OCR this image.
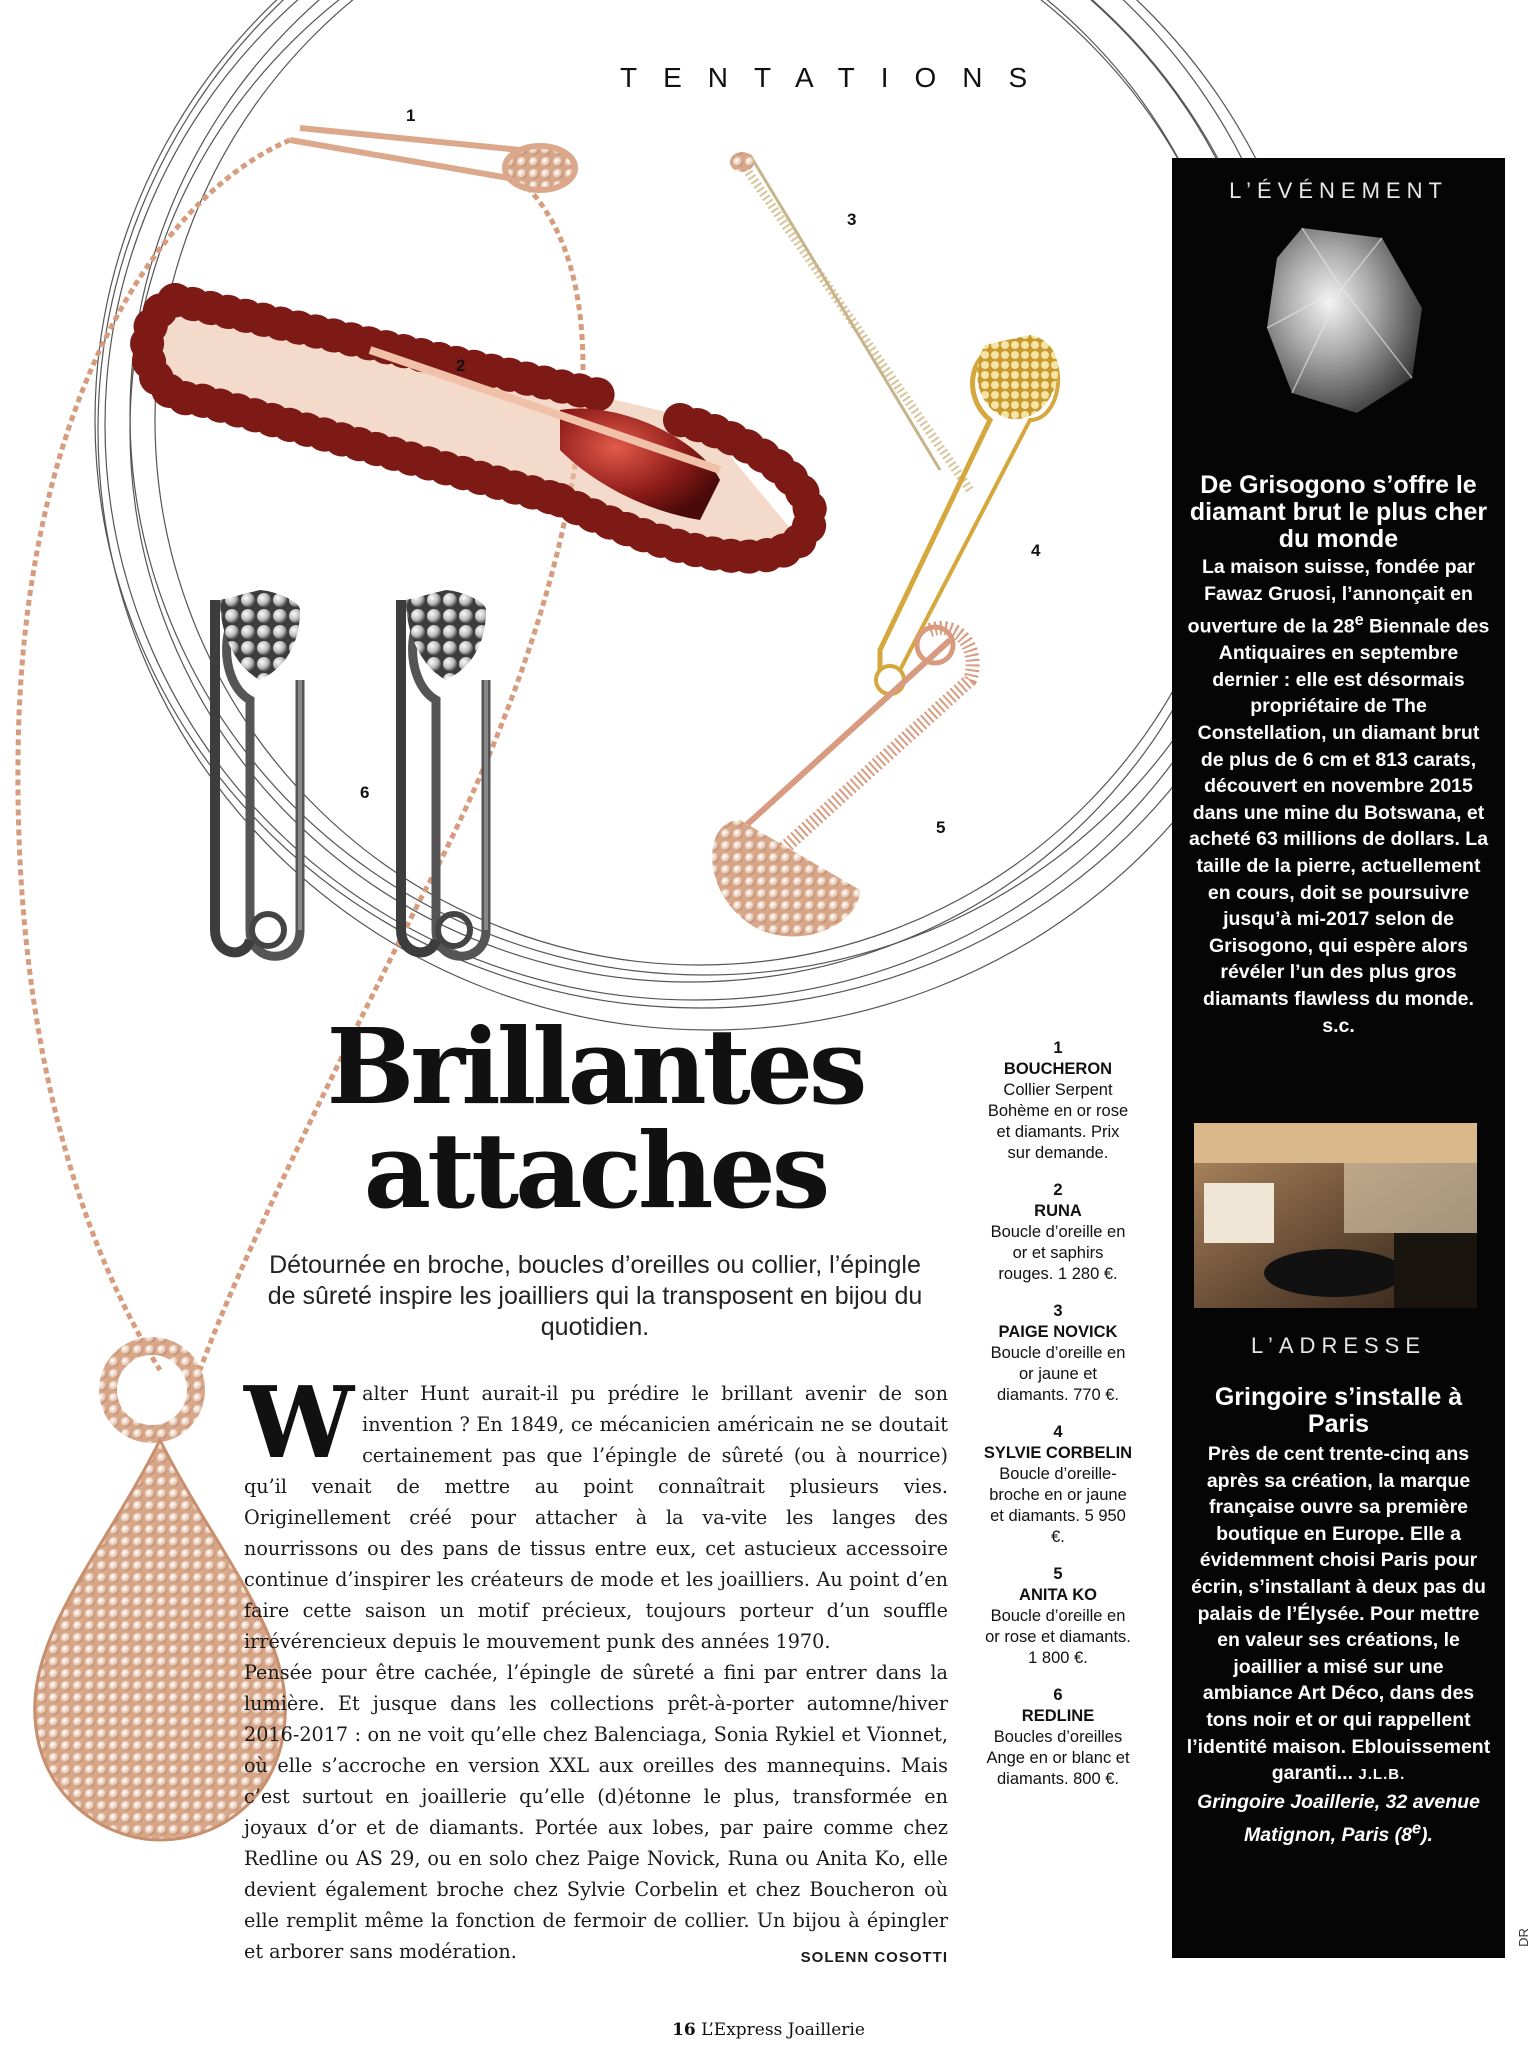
TENTATIONS
1
2
3
4
5
6
Brillantes
attaches
Détournée en broche, boucles d’oreilles ou collier, l’épingle de sûreté inspire les joailliers qui la transposent en bijou du quotidien.

Walter Hunt aurait-il pu prédire le brillant avenir de son invention ? En 1849, ce mécanicien américain ne se doutait certainement pas que l’épingle de sûreté (ou à nourrice) qu’il venait de mettre au point connaîtrait plusieurs vies. Originellement créé pour attacher à la va-vite les langes des nourrissons ou des pans de tissus entre eux, cet astucieux accessoire continue d’inspirer les créateurs de mode et les joailliers. Au point d’en faire cette saison un motif précieux, toujours porteur d’un souffle irrévérencieux depuis le mouvement punk des années 1970.

Pensée pour être cachée, l’épingle de sûreté a fini par entrer dans la lumière. Et jusque dans les collections prêt-à-porter automne/hiver 2016-2017 : on ne voit qu’elle chez Balenciaga, Sonia Rykiel et Vionnet, où elle s’accroche en version XXL aux oreilles des mannequins. Mais c’est surtout en joaillerie qu’elle (d)étonne le plus, transformée en joyaux d’or et de diamants. Portée aux lobes, par paire comme chez Redline ou AS 29, ou en solo chez Paige Novick, Runa ou Anita Ko, elle devient également broche chez Sylvie Corbelin et chez Boucheron où elle remplit même la fonction de fermoir de collier. Un bijou à épingler et arborer sans modération.	SOLENN COSOTTI

1
BOUCHERON
Collier Serpent Bohème en or rose et diamants. Prix sur demande.
2
RUNA
Boucle d’oreille en or et saphirs rouges. 1 280 €.
3
PAIGE NOVICK
Boucle d’oreille en or jaune et diamants. 770 €.
4
SYLVIE CORBELIN
Boucle d’oreille-broche en or jaune et diamants. 5 950 €.
5
ANITA KO
Boucle d’oreille en or rose et diamants. 1 800 €.
6
REDLINE
Boucles d’oreilles Ange en or blanc et diamants. 800 €.
L’ÉVÉNEMENT
De Grisogono s’offre le diamant brut le plus cher du monde
La maison suisse, fondée par Fawaz Gruosi, l’annonçait en ouverture de la 28e Biennale des Antiquaires en septembre dernier : elle est désormais propriétaire de The Constellation, un diamant brut de plus de 6 cm et 813 carats, découvert en novembre 2015 dans une mine du Botswana, et acheté 63 millions de dollars. La taille de la pierre, actuellement en cours, doit se poursuivre jusqu’à mi-2017 selon de Grisogono, qui espère alors révéler l’un des plus gros diamants flawless du monde. s.c.
L’ADRESSE
Gringoire s’installe à Paris
Près de cent trente-cinq ans après sa création, la marque française ouvre sa première boutique en Europe. Elle a évidemment choisi Paris pour écrin, s’installant à deux pas du palais de l’Élysée. Pour mettre en valeur ses créations, le joaillier a misé sur une ambiance Art Déco, dans des tons noir et or qui rappellent l’identité maison. Eblouissement garanti... J.L.B.
Gringoire Joaillerie, 32 avenue Matignon, Paris (8e).
DR
16 L’Express Joaillerie
